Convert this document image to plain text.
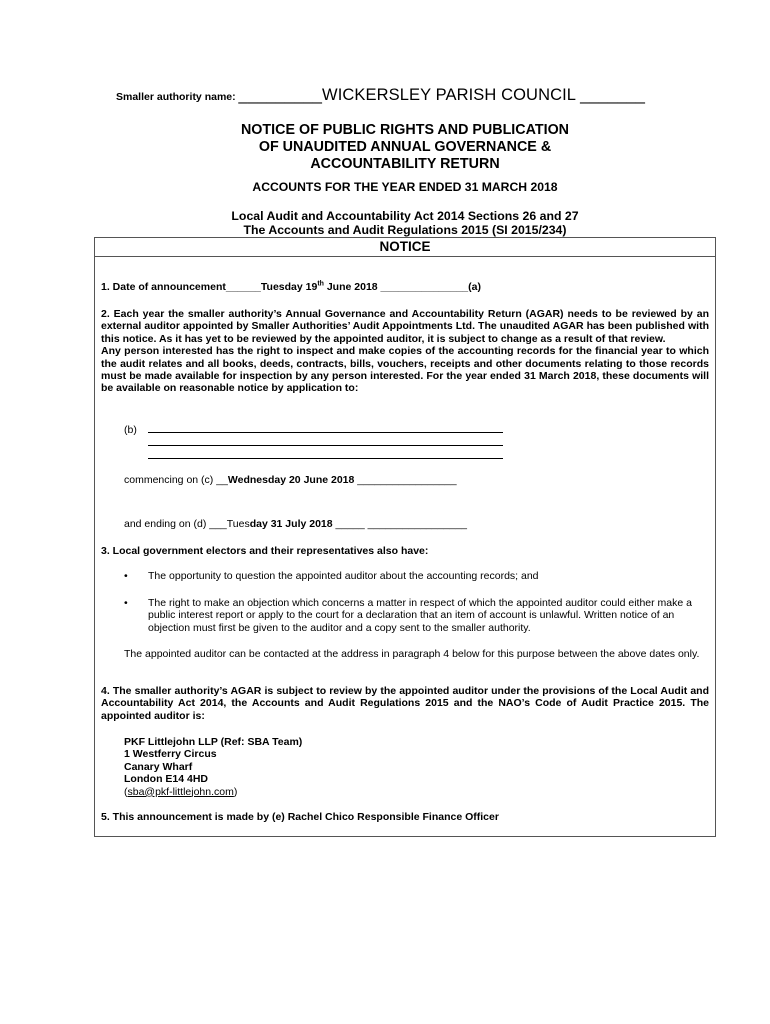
Smaller authority name: _________WICKERSLEY PARISH COUNCIL _______
NOTICE OF PUBLIC RIGHTS AND PUBLICATION
OF UNAUDITED ANNUAL GOVERNANCE &
ACCOUNTABILITY RETURN
ACCOUNTS FOR THE YEAR ENDED 31 MARCH 2018
Local Audit and Accountability Act 2014 Sections 26 and 27
The Accounts and Audit Regulations 2015 (SI 2015/234)
NOTICE
1. Date of announcement______Tuesday 19th June 2018 _______________(a)
2. Each year the smaller authority’s Annual Governance and Accountability Return (AGAR) needs to be reviewed by an external auditor appointed by Smaller Authorities’ Audit Appointments Ltd. The unaudited AGAR has been published with this notice. As it has yet to be reviewed by the appointed auditor, it is subject to change as a result of that review.
Any person interested has the right to inspect and make copies of the accounting records for the financial year to which the audit relates and all books, deeds, contracts, bills, vouchers, receipts and other documents relating to those records must be made available for inspection by any person interested. For the year ended 31 March 2018, these documents will be available on reasonable notice by application to:
(b)
commencing on (c) __Wednesday 20 June 2018 _________________
and ending on (d) ___Tuesday 31 July 2018 _____ _________________
3. Local government electors and their representatives also have:
• The opportunity to question the appointed auditor about the accounting records; and
• The right to make an objection which concerns a matter in respect of which the appointed auditor could either make a public interest report or apply to the court for a declaration that an item of account is unlawful. Written notice of an objection must first be given to the auditor and a copy sent to the smaller authority.
The appointed auditor can be contacted at the address in paragraph 4 below for this purpose between the above dates only.
4. The smaller authority’s AGAR is subject to review by the appointed auditor under the provisions of the Local Audit and Accountability Act 2014, the Accounts and Audit Regulations 2015 and the NAO’s Code of Audit Practice 2015. The appointed auditor is:
PKF Littlejohn LLP (Ref: SBA Team)
1 Westferry Circus
Canary Wharf
London E14 4HD
(sba@pkf-littlejohn.com)
5. This announcement is made by (e) Rachel Chico Responsible Finance Officer
